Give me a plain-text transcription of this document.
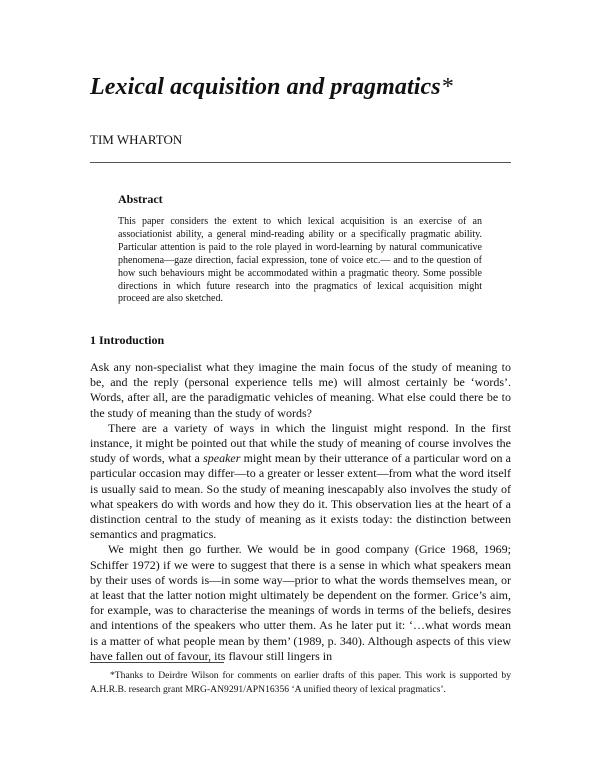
Lexical acquisition and pragmatics*

TIM WHARTON

Abstract

This paper considers the extent to which lexical acquisition is an exercise of an associationist ability, a general mind-reading ability or a specifically pragmatic ability. Particular attention is paid to the role played in word-learning by natural communicative phenomena—gaze direction, facial expression, tone of voice etc.— and to the question of how such behaviours might be accommodated within a pragmatic theory. Some possible directions in which future research into the pragmatics of lexical acquisition might proceed are also sketched.

1 Introduction

Ask any non-specialist what they imagine the main focus of the study of meaning to be, and the reply (personal experience tells me) will almost certainly be ‘words’. Words, after all, are the paradigmatic vehicles of meaning. What else could there be to the study of meaning than the study of words?

There are a variety of ways in which the linguist might respond. In the first instance, it might be pointed out that while the study of meaning of course involves the study of words, what a speaker might mean by their utterance of a particular word on a particular occasion may differ—to a greater or lesser extent—from what the word itself is usually said to mean. So the study of meaning inescapably also involves the study of what speakers do with words and how they do it. This observation lies at the heart of a distinction central to the study of meaning as it exists today: the distinction between semantics and pragmatics.

We might then go further. We would be in good company (Grice 1968, 1969; Schiffer 1972) if we were to suggest that there is a sense in which what speakers mean by their uses of words is—in some way—prior to what the words themselves mean, or at least that the latter notion might ultimately be dependent on the former. Grice’s aim, for example, was to characterise the meanings of words in terms of the beliefs, desires and intentions of the speakers who utter them. As he later put it: ‘…what words mean is a matter of what people mean by them’ (1989, p. 340). Although aspects of this view have fallen out of favour, its flavour still lingers in

*Thanks to Deirdre Wilson for comments on earlier drafts of this paper. This work is supported by A.H.R.B. research grant MRG-AN9291/APN16356 ‘A unified theory of lexical pragmatics’.
